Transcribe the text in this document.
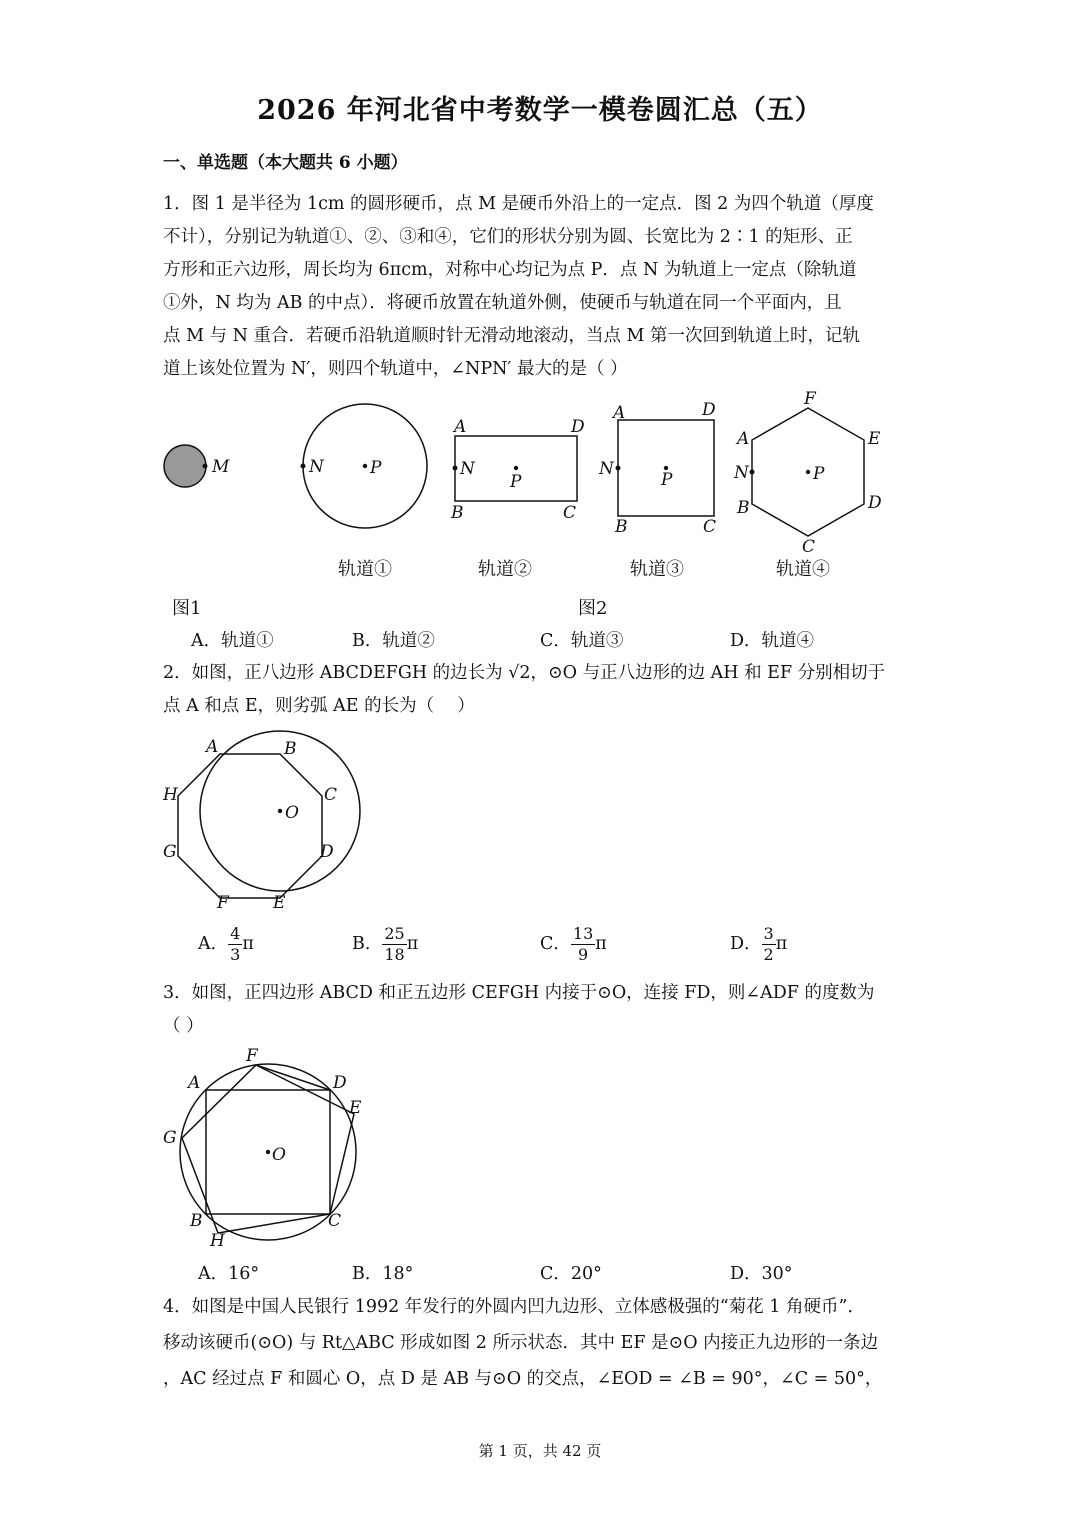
2026 年河北省中考数学一模卷圆汇总（五）
一、单选题（本大题共 6 小题）

1．图 1 是半径为 1cm 的圆形硬币，点 M 是硬币外沿上的一定点．图 2 为四个轨道（厚度

不计），分别记为轨道①、②、③和④，它们的形状分别为圆、长宽比为 2∶1 的矩形、正

方形和正六边形，周长均为 6πcm，对称中心均记为点 P．点 N 为轨道上一定点（除轨道

①外，N 均为 AB 的中点）．将硬币放置在轨道外侧，使硬币与轨道在同一个平面内，且

点 M 与 N 重合．若硬币沿轨道顺时针无滑动地滚动，当点 M 第一次回到轨道上时，记轨

道上该处位置为 N′，则四个轨道中，∠NPN′ 最大的是（ ）

M	N	P	N
P
A	D
B	C
N
P
A	D
B	C
N	P
F
A	E
B	D
C
轨道①	轨道②	轨道③	轨道④
图1	图2
A．轨道①	B．轨道②	C．轨道③	D．轨道④

2．如图，正八边形 ABCDEFGH 的边长为 √2，⊙O 与正八边形的边 AH 和 EF 分别相切于

点 A 和点 E，则劣弧 AE 的长为（　 ）

O
A	B
C
D
E
F
G
H
A． $\frac{4}{3}$ π	B． $\frac{25}{18}$ π	C． $\frac{13}{9}$ π	D． $\frac{3}{2}$ π

3．如图，正四边形 ABCD 和正五边形 CEFGH 内接于⊙O，连接 FD，则∠ADF 的度数为

（ ）

O
F
A	D
E
G
B	C
H
A．16°	B．18°	C．20°	D．30°

4．如图是中国人民银行 1992 年发行的外圆内凹九边形、立体感极强的“菊花 1 角硬币”．

移动该硬币(⊙O) 与 Rt△ABC 形成如图 2 所示状态．其中 EF 是⊙O 内接正九边形的一条边

，AC 经过点 F 和圆心 O，点 D 是 AB 与⊙O 的交点，∠EOD = ∠B = 90°，∠C = 50°，

第 1 页，共 42 页
